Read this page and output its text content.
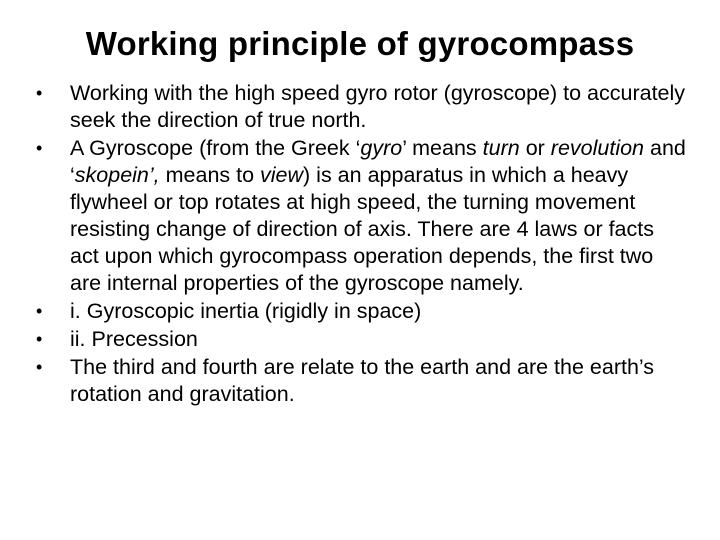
Working principle of gyrocompass
•	Working with the high speed gyro rotor (gyroscope) to accurately seek the direction of true north.
•	A Gyroscope (from the Greek ‘gyro’ means turn or revolution and ‘skopein’, means to view) is an apparatus in which a heavy flywheel or top rotates at high speed, the turning movement resisting change of direction of axis. There are 4 laws or facts act upon which gyrocompass operation depends, the first two are internal properties of the gyroscope namely.
•	i. Gyroscopic inertia (rigidly in space)
•	ii. Precession
•	The third and fourth are relate to the earth and are the earth’s rotation and gravitation.
